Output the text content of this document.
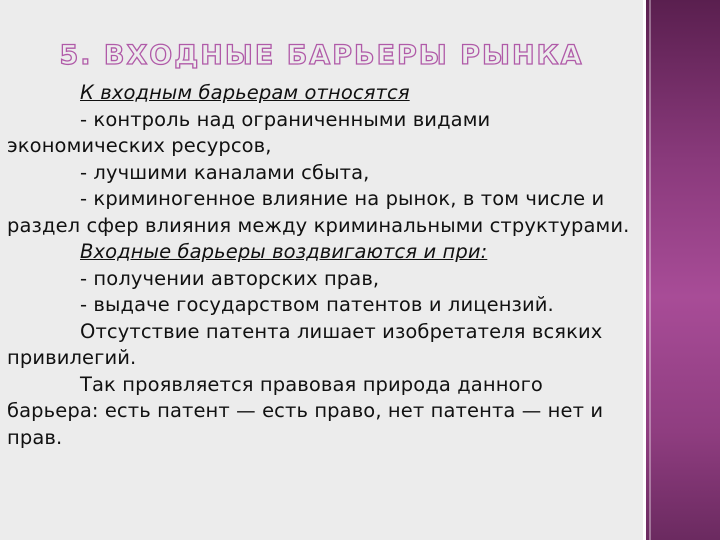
5. ВХОДНЫЕ БАРЬЕРЫ РЫНКА

К входным барьерам относятся

- контроль над ограниченными видами экономических ресурсов,

- лучшими каналами сбыта,

- криминогенное влияние на рынок, в том числе и раздел сфер влияния между криминальными структурами.

Входные барьеры воздвигаются и при:

- получении авторских прав,

- выдаче государством патентов и лицензий.

Отсутствие патента лишает изобретателя всяких привилегий.

Так проявляется правовая природа данного барьера: есть патент — есть право, нет патента — нет и прав.
